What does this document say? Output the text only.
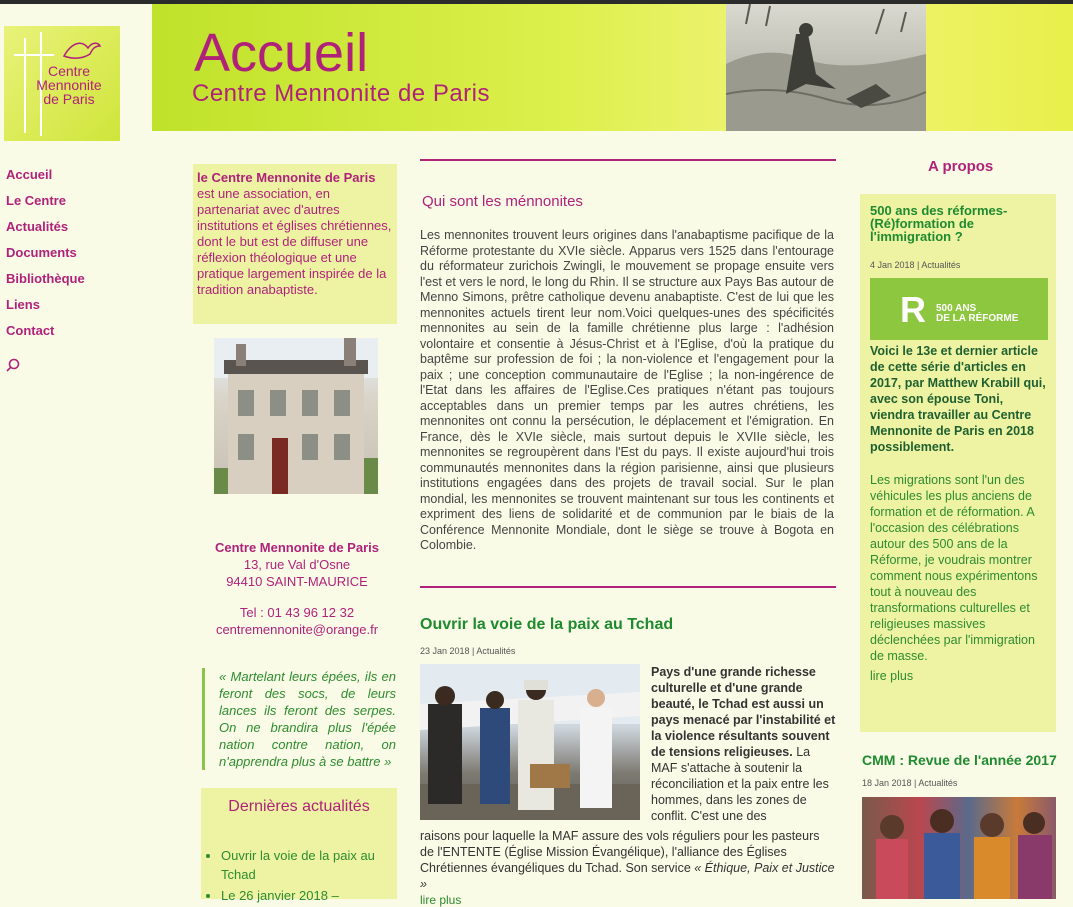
Centre
Mennonite
de Paris
Accueil
Centre Mennonite de Paris
Accueil
Le Centre
Actualités
Documents
Bibliothèque
Liens
Contact
le Centre Mennonite de Paris est une association, en partenariat avec d'autres institutions et églises chrétiennes, dont le but est de diffuser une réflexion théologique et une pratique largement inspirée de la tradition anabaptiste.
Centre Mennonite de Paris
13, rue Val d'Osne
94410 SAINT-MAURICE
Tel : 01 43 96 12 32
centremennonite@orange.fr
« Martelant leurs épées, ils en feront des socs, de leurs lances ils feront des serpes. On ne brandira plus l'épée nation contre nation, on n'apprendra plus à se battre »
Dernières actualités
• Ouvrir la voie de la paix au Tchad
• Le 26 janvier 2018 –
Qui sont les ménnonites
Les mennonites trouvent leurs origines dans l'anabaptisme pacifique de la Réforme protestante du XVIe siècle. Apparus vers 1525 dans l'entourage du réformateur zurichois Zwingli, le mouvement se propage ensuite vers l'est et vers le nord, le long du Rhin. Il se structure aux Pays Bas autour de Menno Simons, prêtre catholique devenu anabaptiste. C'est de lui que les mennonites actuels tirent leur nom.Voici quelques-unes des spécificités mennonites au sein de la famille chrétienne plus large : l'adhésion volontaire et consentie à Jésus-Christ et à l'Eglise, d'où la pratique du baptême sur profession de foi ; la non-violence et l'engagement pour la paix ; une conception communautaire de l'Eglise ; la non-ingérence de l'Etat dans les affaires de l'Eglise.Ces pratiques n'étant pas toujours acceptables dans un premier temps par les autres chrétiens, les mennonites ont connu la persécution, le déplacement et l'émigration. En France, dès le XVIe siècle, mais surtout depuis le XVIIe siècle, les mennonites se regroupèrent dans l'Est du pays. Il existe aujourd'hui trois communautés mennonites dans la région parisienne, ainsi que plusieurs institutions engagées dans des projets de travail social. Sur le plan mondial, les mennonites se trouvent maintenant sur tous les continents et expriment des liens de solidarité et de communion par le biais de la Conférence Mennonite Mondiale, dont le siège se trouve à Bogota en Colombie.
Ouvrir la voie de la paix au Tchad
23 Jan 2018 | Actualités
Pays d'une grande richesse culturelle et d'une grande beauté, le Tchad est aussi un pays menacé par l'instabilité et la violence résultants souvent de tensions religieuses. La MAF s'attache à soutenir la réconciliation et la paix entre les hommes, dans les zones de conflit. C'est une des
raisons pour laquelle la MAF assure des vols réguliers pour les pasteurs de l'ENTENTE (Église Mission Évangélique), l'alliance des Églises Chrétiennes évangéliques du Tchad. Son service « Éthique, Paix et Justice »
lire plus
A propos
500 ans des réformes- (Ré)formation de l'immigration ?
4 Jan 2018 | Actualités
R 500 ANS
DE LA RÉFORME
Voici le 13e et dernier article de cette série d'articles en 2017, par Matthew Krabill qui, avec son épouse Toni, viendra travailler au Centre Mennonite de Paris en 2018 possiblement.
Les migrations sont l'un des véhicules les plus anciens de formation et de réformation. A l'occasion des célébrations autour des 500 ans de la Réforme, je voudrais montrer comment nous expérimentons tout à nouveau des transformations culturelles et religieuses massives déclenchées par l'immigration de masse.
lire plus
CMM : Revue de l'année 2017
18 Jan 2018 | Actualités
